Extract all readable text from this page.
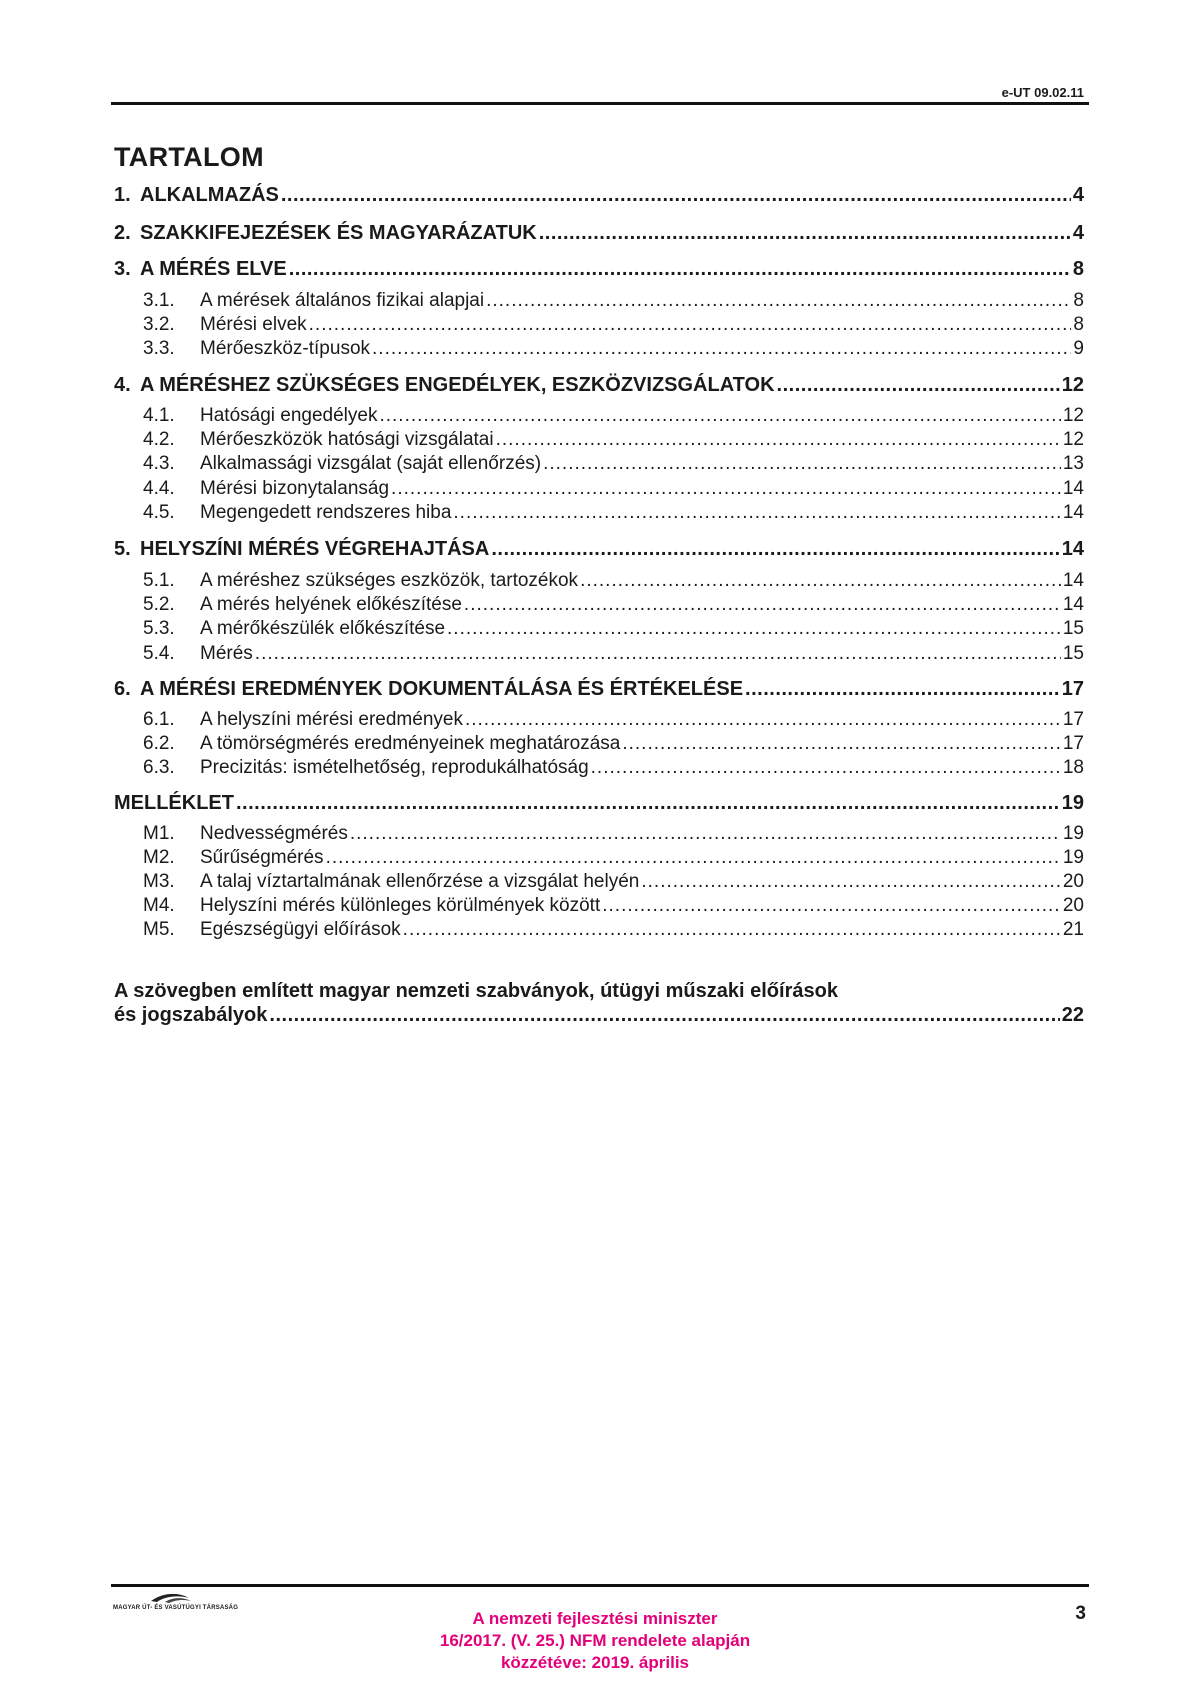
e-UT 09.02.11
TARTALOM
1. ALKALMAZÁS .....	4
2. SZAKKIFEJEZÉSEK ÉS MAGYARÁZATUK .....	4
3. A MÉRÉS ELVE .....	8
3.1.	A mérések általános fizikai alapjai .....	8
3.2.	Mérési elvek .....	8
3.3.	Mérőeszköz-típusok .....	9
4. A MÉRÉSHEZ SZÜKSÉGES ENGEDÉLYEK, ESZKÖZVIZSGÁLATOK .....	12
4.1.	Hatósági engedélyek .....	12
4.2.	Mérőeszközök hatósági vizsgálatai .....	12
4.3.	Alkalmassági vizsgálat (saját ellenőrzés) .....	13
4.4.	Mérési bizonytalanság .....	14
4.5.	Megengedett rendszeres hiba .....	14
5. HELYSZÍNI MÉRÉS VÉGREHAJTÁSA .....	14
5.1.	A méréshez szükséges eszközök, tartozékok .....	14
5.2.	A mérés helyének előkészítése .....	14
5.3.	A mérőkészülék előkészítése .....	15
5.4.	Mérés .....	15
6. A MÉRÉSI EREDMÉNYEK DOKUMENTÁLÁSA ÉS ÉRTÉKELÉSE .....	17
6.1.	A helyszíni mérési eredmények .....	17
6.2.	A tömörségmérés eredményeinek meghatározása .....	17
6.3.	Precizitás: ismételhetőség, reprodukálhatóság .....	18
MELLÉKLET .....	19
M1.	Nedvességmérés .....	19
M2.	Sűrűségmérés .....	19
M3.	A talaj víztartalmának ellenőrzése a vizsgálat helyén .....	20
M4.	Helyszíni mérés különleges körülmények között .....	20
M5.	Egészségügyi előírások .....	21
A szövegben említett magyar nemzeti szabványok, útügyi műszaki előírások
és jogszabályok .....	22
MAGYAR ÚT- ÉS VASÚTÜGYI TÁRSASÁG
A nemzeti fejlesztési miniszter
16/2017. (V. 25.) NFM rendelete alapján
közzétéve: 2019. április
3
